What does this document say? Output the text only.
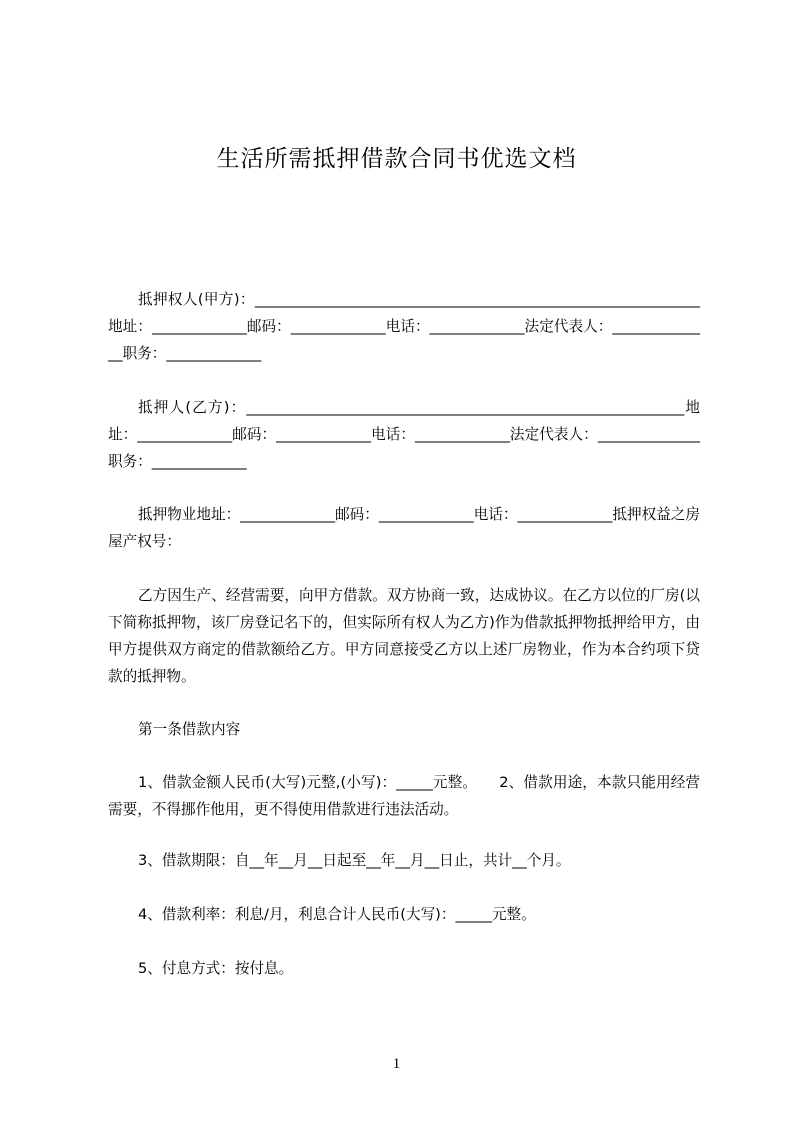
生活所需抵押借款合同书优选文档

抵押权人(甲方)：_____________________________________________________________ 地址：_____________邮码：_____________电话：_____________法定代表人：______________职务：_____________

抵押人(乙方)：____________________________________________________________地址：_____________邮码：_____________电话：_____________法定代表人：______________职务：_____________

抵押物业地址：_____________邮码：_____________电话：_____________抵押权益之房屋产权号：

乙方因生产、经营需要，向甲方借款。双方协商一致，达成协议。在乙方以位的厂房(以下简称抵押物，该厂房登记名下的，但实际所有权人为乙方)作为借款抵押物抵押给甲方，由甲方提供双方商定的借款额给乙方。甲方同意接受乙方以上述厂房物业，作为本合约项下贷款的抵押物。

第一条借款内容

1、借款金额人民币(大写)元整,(小写)：_____元整。　　2、借款用途，本款只能用经营需要，不得挪作他用，更不得使用借款进行违法活动。

3、借款期限：自__年__月__日起至__年__月__日止，共计__个月。

4、借款利率：利息/月，利息合计人民币(大写)：_____元整。

5、付息方式：按付息。

1
